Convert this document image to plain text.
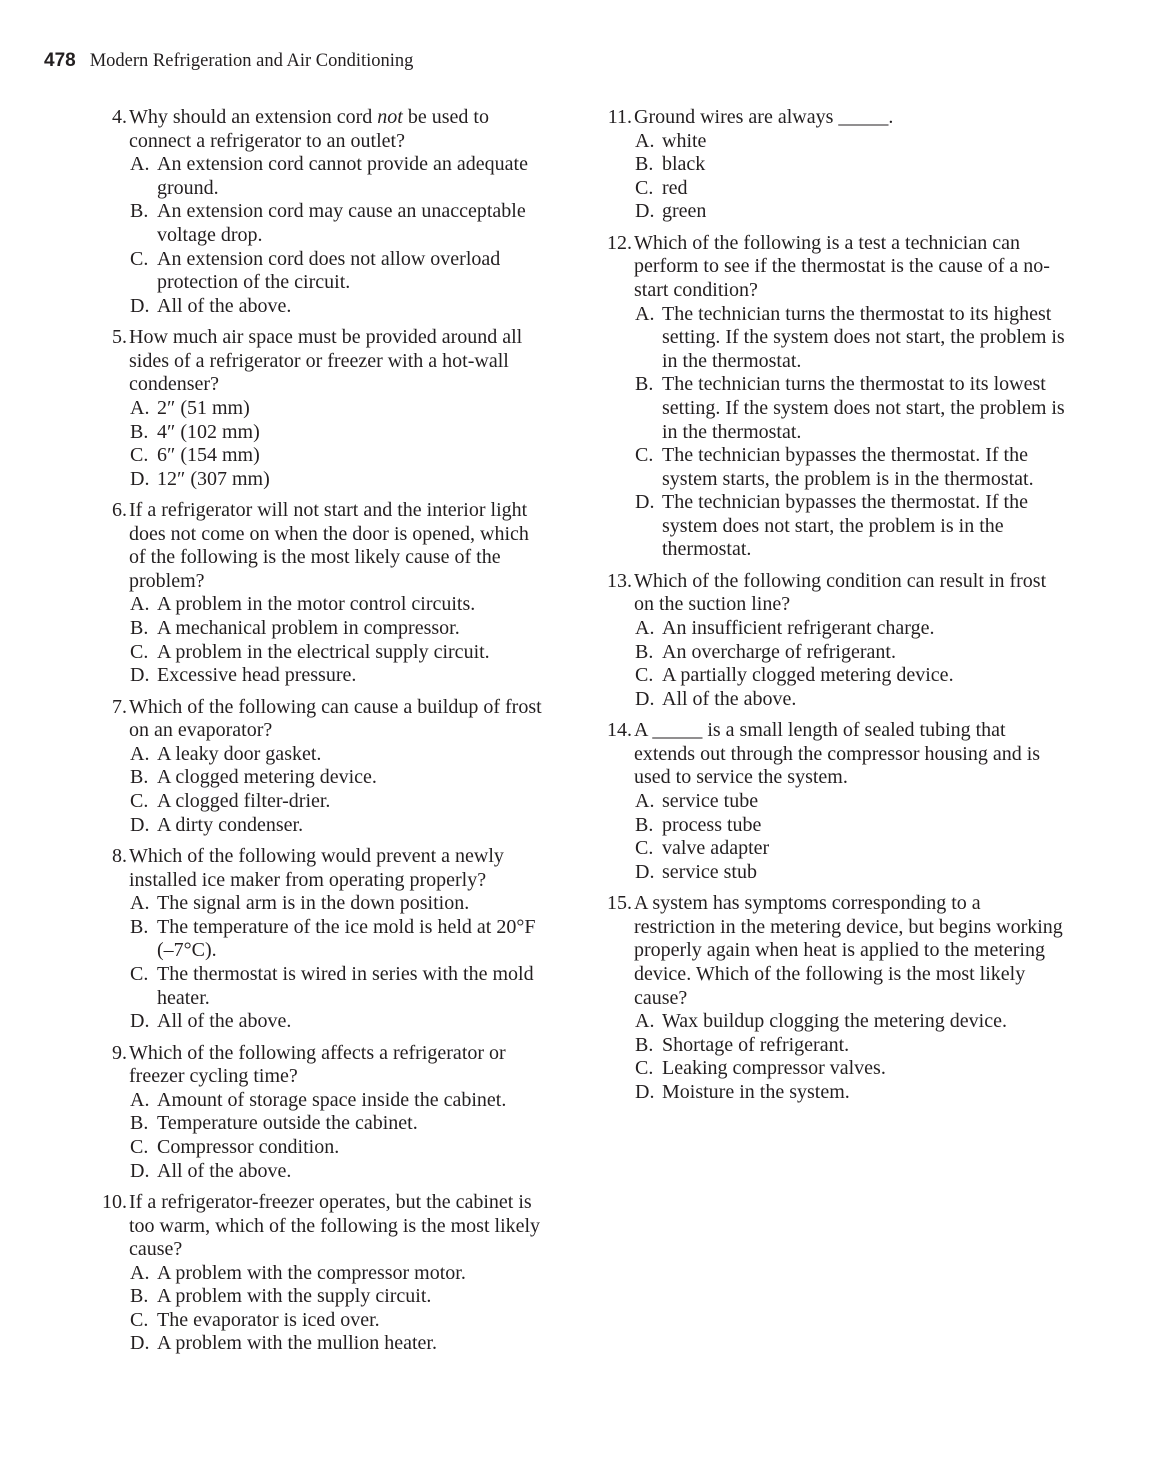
478 Modern Refrigeration and Air Conditioning
4. Why should an extension cord not be used to connect a refrigerator to an outlet?
A. An extension cord cannot provide an adequate ground.
B. An extension cord may cause an unacceptable voltage drop.
C. An extension cord does not allow overload protection of the circuit.
D. All of the above.
5. How much air space must be provided around all sides of a refrigerator or freezer with a hot-wall condenser?
A. 2″ (51 mm)
B. 4″ (102 mm)
C. 6″ (154 mm)
D. 12″ (307 mm)
6. If a refrigerator will not start and the interior light does not come on when the door is opened, which of the following is the most likely cause of the problem?
A. A problem in the motor control circuits.
B. A mechanical problem in compressor.
C. A problem in the electrical supply circuit.
D. Excessive head pressure.
7. Which of the following can cause a buildup of frost on an evaporator?
A. A leaky door gasket.
B. A clogged metering device.
C. A clogged filter-drier.
D. A dirty condenser.
8. Which of the following would prevent a newly installed ice maker from operating properly?
A. The signal arm is in the down position.
B. The temperature of the ice mold is held at 20°F (–7°C).
C. The thermostat is wired in series with the mold heater.
D. All of the above.
9. Which of the following affects a refrigerator or freezer cycling time?
A. Amount of storage space inside the cabinet.
B. Temperature outside the cabinet.
C. Compressor condition.
D. All of the above.
10. If a refrigerator-freezer operates, but the cabinet is too warm, which of the following is the most likely cause?
A. A problem with the compressor motor.
B. A problem with the supply circuit.
C. The evaporator is iced over.
D. A problem with the mullion heater.
11. Ground wires are always _____.
A. white
B. black
C. red
D. green
12. Which of the following is a test a technician can perform to see if the thermostat is the cause of a no-start condition?
A. The technician turns the thermostat to its highest setting. If the system does not start, the problem is in the thermostat.
B. The technician turns the thermostat to its lowest setting. If the system does not start, the problem is in the thermostat.
C. The technician bypasses the thermostat. If the system starts, the problem is in the thermostat.
D. The technician bypasses the thermostat. If the system does not start, the problem is in the thermostat.
13. Which of the following condition can result in frost on the suction line?
A. An insufficient refrigerant charge.
B. An overcharge of refrigerant.
C. A partially clogged metering device.
D. All of the above.
14. A _____ is a small length of sealed tubing that extends out through the compressor housing and is used to service the system.
A. service tube
B. process tube
C. valve adapter
D. service stub
15. A system has symptoms corresponding to a restriction in the metering device, but begins working properly again when heat is applied to the metering device. Which of the following is the most likely cause?
A. Wax buildup clogging the metering device.
B. Shortage of refrigerant.
C. Leaking compressor valves.
D. Moisture in the system.
